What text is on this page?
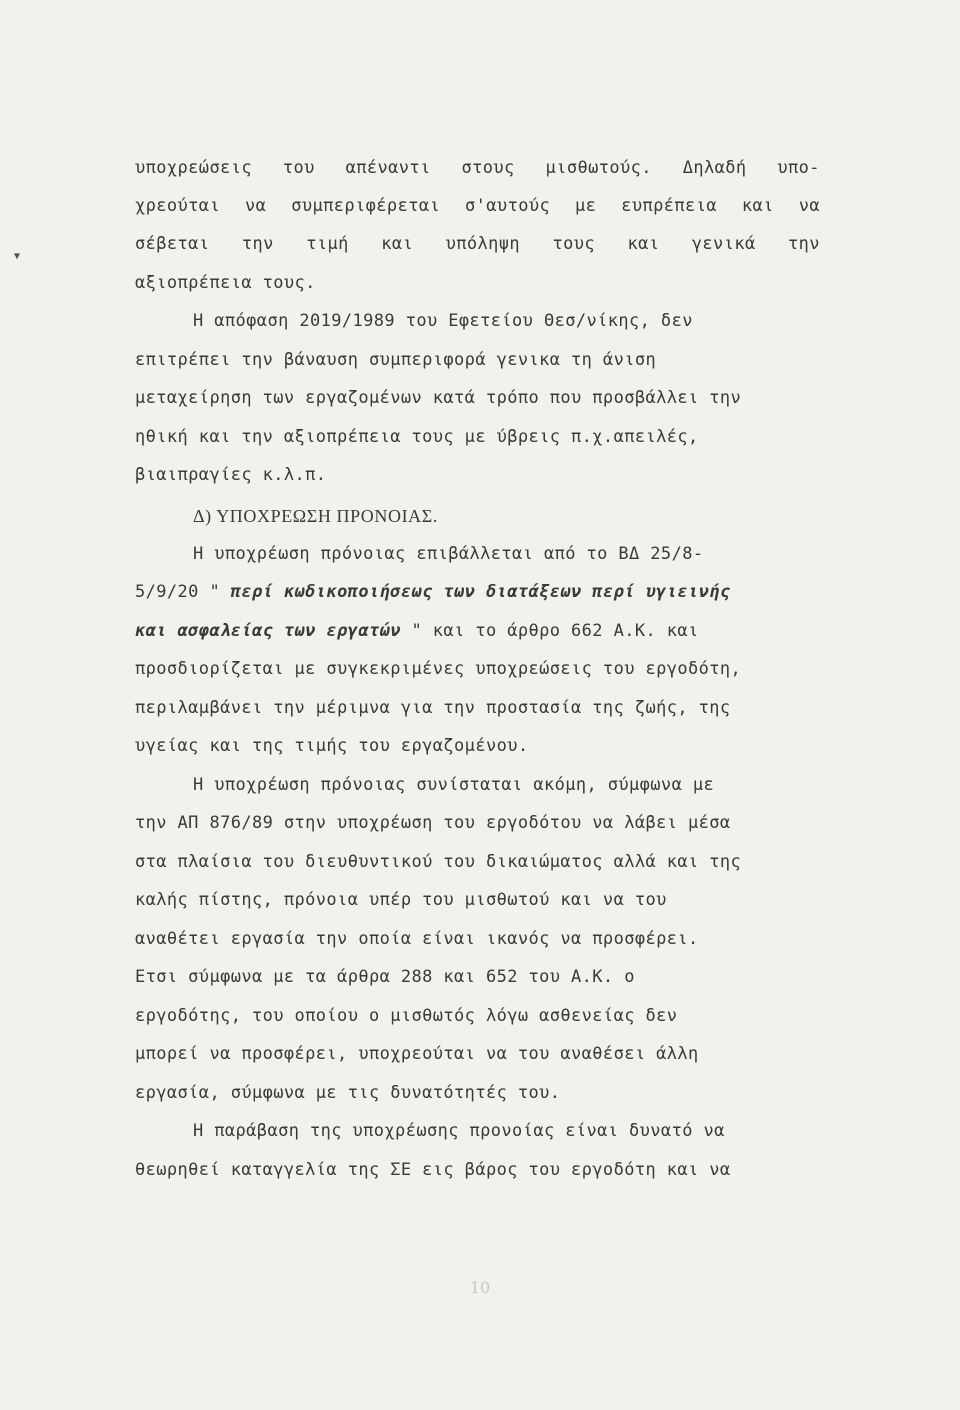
▼
υποχρεώσεις του απέναντι στους μισθωτούς. Δηλαδή υπο-
χρεούται να συμπεριφέρεται σ'αυτούς με ευπρέπεια και να
σέβεται την τιμή και υπόληψη τους και γενικά την
αξιοπρέπεια τους.
Η απόφαση 2019/1989 του Εφετείου Θεσ/νίκης, δεν
επιτρέπει την βάναυση συμπεριφορά γενικα τη άνιση
μεταχείρηση των εργαζομένων κατά τρόπο που προσβάλλει την
ηθική και την αξιοπρέπεια τους με ύβρεις π.χ.απειλές,
βιαιπραγίες κ.λ.π.
Δ) ΥΠΟΧΡΕΩΣΗ ΠΡΟΝΟΙΑΣ.
Η υποχρέωση πρόνοιας επιβάλλεται από το ΒΔ 25/8-
5/9/20 " περί κωδικοποιήσεως των διατάξεων περί υγιεινής
και ασφαλείας των εργατών " και το άρθρο 662 Α.Κ. και
προσδιορίζεται με συγκεκριμένες υποχρεώσεις του εργοδότη,
περιλαμβάνει την μέριμνα για την προστασία της ζωής, της
υγείας και της τιμής του εργαζομένου.
Η υποχρέωση πρόνοιας συνίσταται ακόμη, σύμφωνα με
την ΑΠ 876/89 στην υποχρέωση του εργοδότου να λάβει μέσα
στα πλαίσια του διευθυντικού του δικαιώματος αλλά και της
καλής πίστης, πρόνοια υπέρ του μισθωτού και να του
αναθέτει εργασία την οποία είναι ικανός να προσφέρει.
Ετσι σύμφωνα με τα άρθρα 288 και 652 του Α.Κ. ο
εργοδότης, του οποίου ο μισθωτός λόγω ασθενείας δεν
μπορεί να προσφέρει, υποχρεούται να του αναθέσει άλλη
εργασία, σύμφωνα με τις δυνατότητές του.
Η παράβαση της υποχρέωσης προνοίας είναι δυνατό να
θεωρηθεί καταγγελία της ΣΕ εις βάρος του εργοδότη και να
10
